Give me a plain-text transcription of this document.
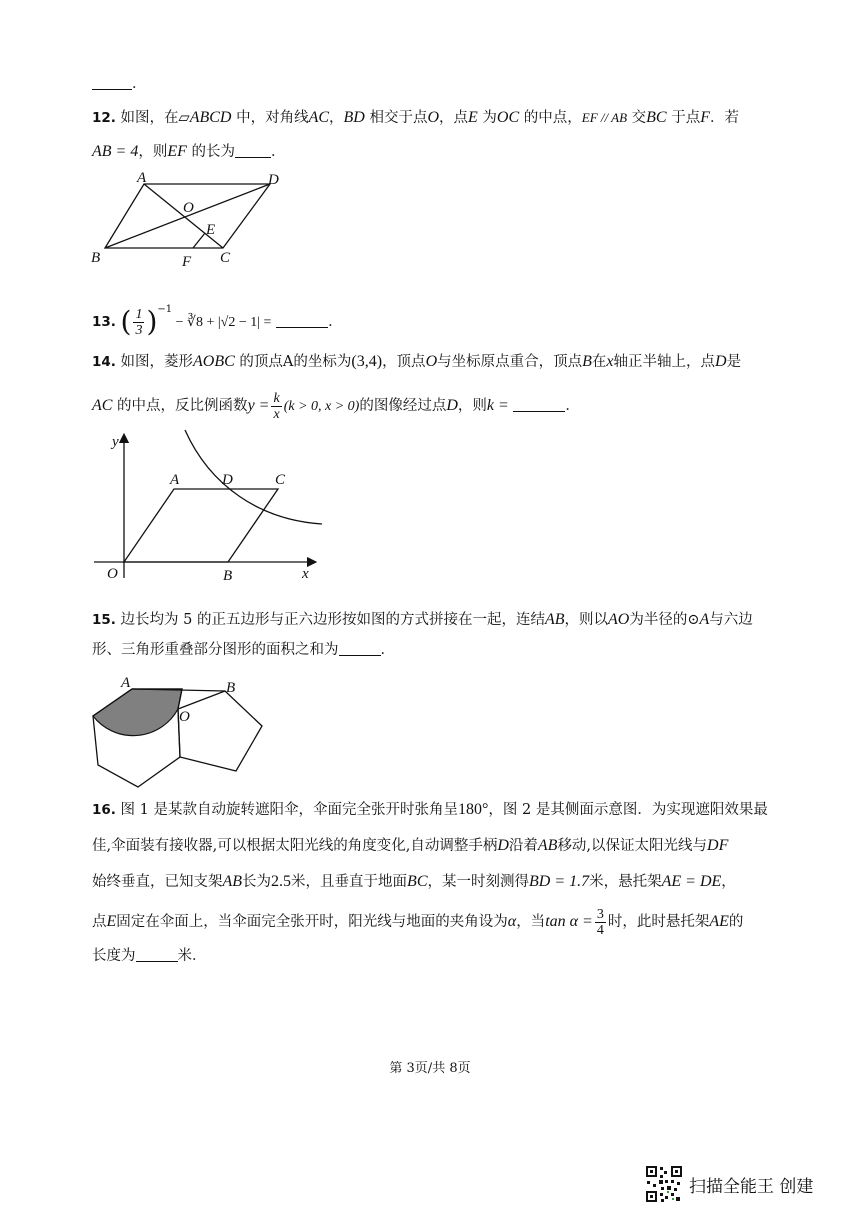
．
12. 如图，在▱ABCD 中，对角线AC，BD 相交于点O，点E 为OC 的中点，EF // AB 交BC 于点F．若
AB = 4，则EF 的长为 ．
A	D
O
E
B	F C
13. ( $\frac{1}{3} )^{-1}$ − ∛8 + |√2 − 1| =	．
14. 如图，菱形AOBC 的顶点A的坐标为(3,4)，顶点O与坐标原点重合，顶点B在x轴正半轴上，点D是
AC 的中点，反比例函数$y = \frac{k}{x} (k > 0$, x > 0)的图像经过点D，则k =	．
y
x
A	D	C
O	B
15. 边长均为 5 的正五边形与正六边形按如图的方式拼接在一起，连结AB，则以AO为半径的⊙A与六边
形、三角形重叠部分图形的面积之和为	．
A	B
O
16. 图 1 是某款自动旋转遮阳伞，伞面完全张开时张角呈180°，图 2 是其侧面示意图．为实现遮阳效果最
佳,伞面装有接收器,可以根据太阳光线的角度变化,自动调整手柄D沿着AB移动,以保证太阳光线与DF
始终垂直，已知支架AB长为2.5米，且垂直于地面BC，某一时刻测得BD = 1.7米，悬托架AE = DE，
点E固定在伞面上，当伞面完全张开时，阳光线与地面的夹角设为α，当$\tan \alpha = \frac{3}{4}$ 时，此时悬托架AE的
长度为	米．
第 3页/共 8页
扫描全能王 创建
